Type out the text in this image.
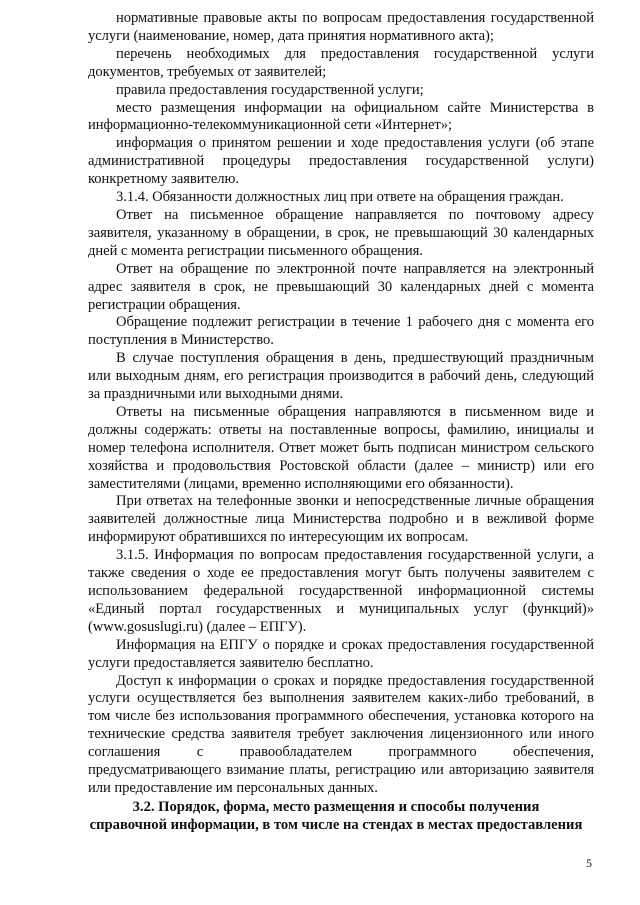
нормативные правовые акты по вопросам предоставления государственной услуги (наименование, номер, дата принятия нормативного акта);

перечень необходимых для предоставления государственной услуги документов, требуемых от заявителей;

правила предоставления государственной услуги;

место размещения информации на официальном сайте Министерства в информационно-телекоммуникационной сети «Интернет»;

информация о принятом решении и ходе предоставления услуги (об этапе административной процедуры предоставления государственной услуги) конкретному заявителю.

3.1.4. Обязанности должностных лиц при ответе на обращения граждан.

Ответ на письменное обращение направляется по почтовому адресу заявителя, указанному в обращении, в срок, не превышающий 30 календарных дней с момента регистрации письменного обращения.

Ответ на обращение по электронной почте направляется на электронный адрес заявителя в срок, не превышающий 30 календарных дней с момента регистрации обращения.

Обращение подлежит регистрации в течение 1 рабочего дня с момента его поступления в Министерство.

В случае поступления обращения в день, предшествующий праздничным или выходным дням, его регистрация производится в рабочий день, следующий за праздничными или выходными днями.

Ответы на письменные обращения направляются в письменном виде и должны содержать: ответы на поставленные вопросы, фамилию, инициалы и номер телефона исполнителя. Ответ может быть подписан министром сельского хозяйства и продовольствия Ростовской области (далее – министр) или его заместителями (лицами, временно исполняющими его обязанности).

При ответах на телефонные звонки и непосредственные личные обращения заявителей должностные лица Министерства подробно и в вежливой форме информируют обратившихся по интересующим их вопросам.

3.1.5. Информация по вопросам предоставления государственной услуги, а также сведения о ходе ее предоставления могут быть получены заявителем с использованием федеральной государственной информационной системы «Единый портал государственных и муниципальных услуг (функций)» (www.gosuslugi.ru) (далее – ЕПГУ).

Информация на ЕПГУ о порядке и сроках предоставления государственной услуги предоставляется заявителю бесплатно.

Доступ к информации о сроках и порядке предоставления государственной услуги осуществляется без выполнения заявителем каких-либо требований, в том числе без использования программного обеспечения, установка которого на технические средства заявителя требует заключения лицензионного или иного соглашения с правообладателем программного обеспечения, предусматривающего взимание платы, регистрацию или авторизацию заявителя или предоставление им персональных данных.

3.2. Порядок, форма, место размещения и способы получения
справочной информации, в том числе на стендах в местах предоставления
5
